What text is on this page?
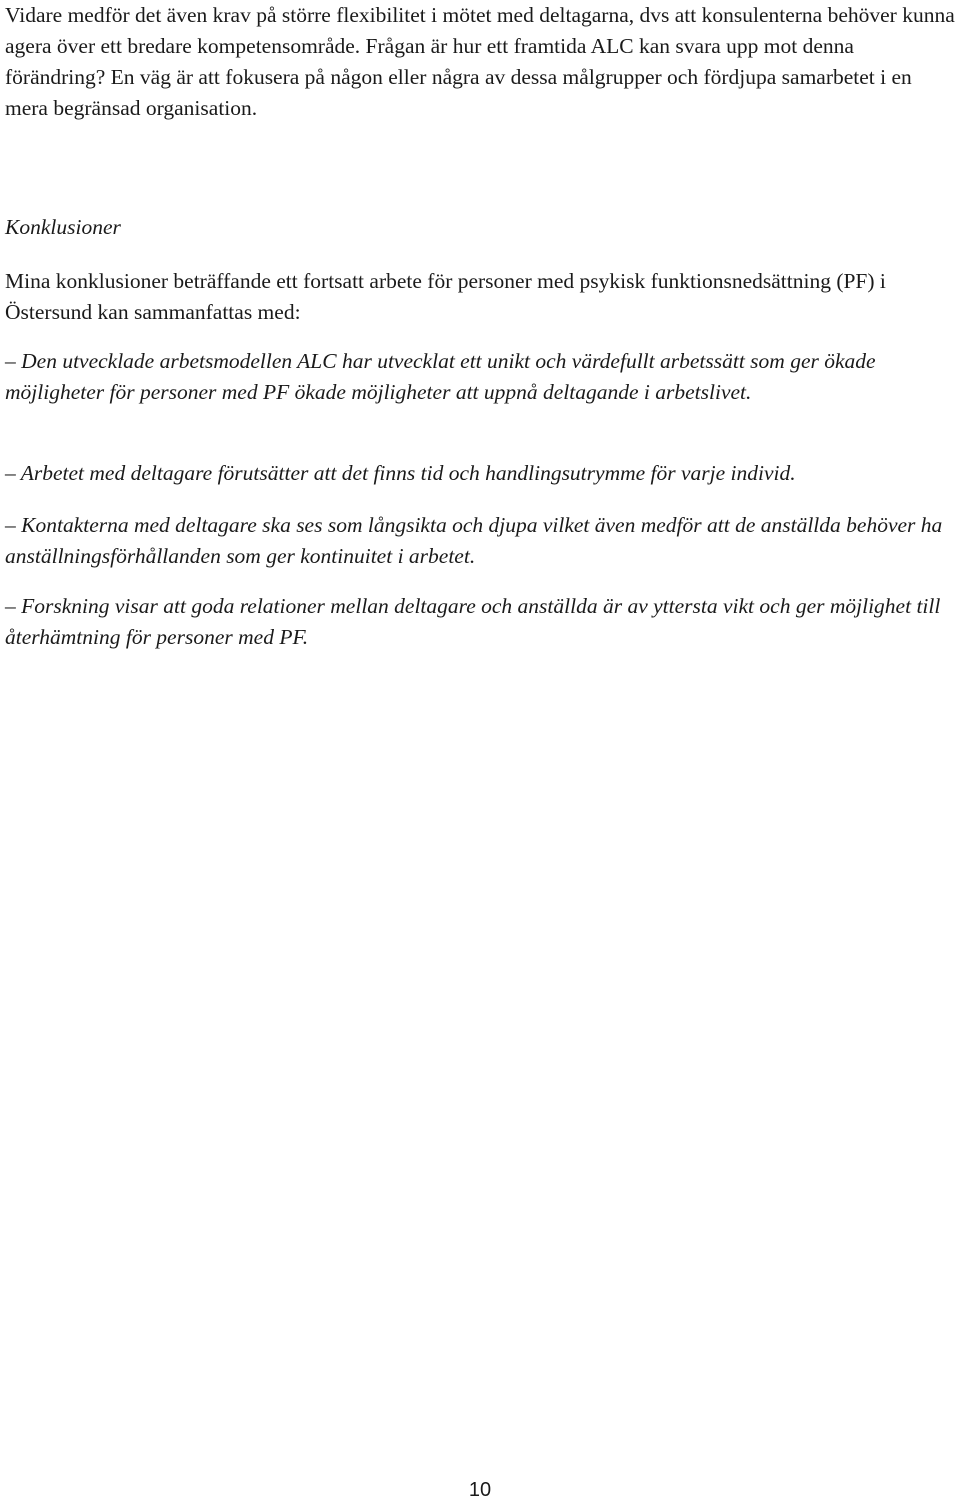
Vidare medför det även krav på större flexibilitet i mötet med deltagarna, dvs att konsulenterna behöver kunna agera över ett bredare kompetensområde. Frågan är hur ett framtida ALC kan svara upp mot denna förändring? En väg är att fokusera på någon eller några av dessa målgrupper och fördjupa samarbetet i en mera begränsad organisation.

Konklusioner

Mina konklusioner beträffande ett fortsatt arbete för personer med psykisk funktionsnedsättning (PF) i Östersund kan sammanfattas med:

– Den utvecklade arbetsmodellen ALC har utvecklat ett unikt och värdefullt arbetssätt som ger ökade möjligheter för personer med PF ökade möjligheter att uppnå deltagande i arbetslivet.

– Arbetet med deltagare förutsätter att det finns tid och handlingsutrymme för varje individ.

– Kontakterna med deltagare ska ses som långsikta och djupa vilket även medför att de anställda behöver ha anställningsförhållanden som ger kontinuitet i arbetet.

– Forskning visar att goda relationer mellan deltagare och anställda är av yttersta vikt och ger möjlighet till återhämtning för personer med PF.

10
